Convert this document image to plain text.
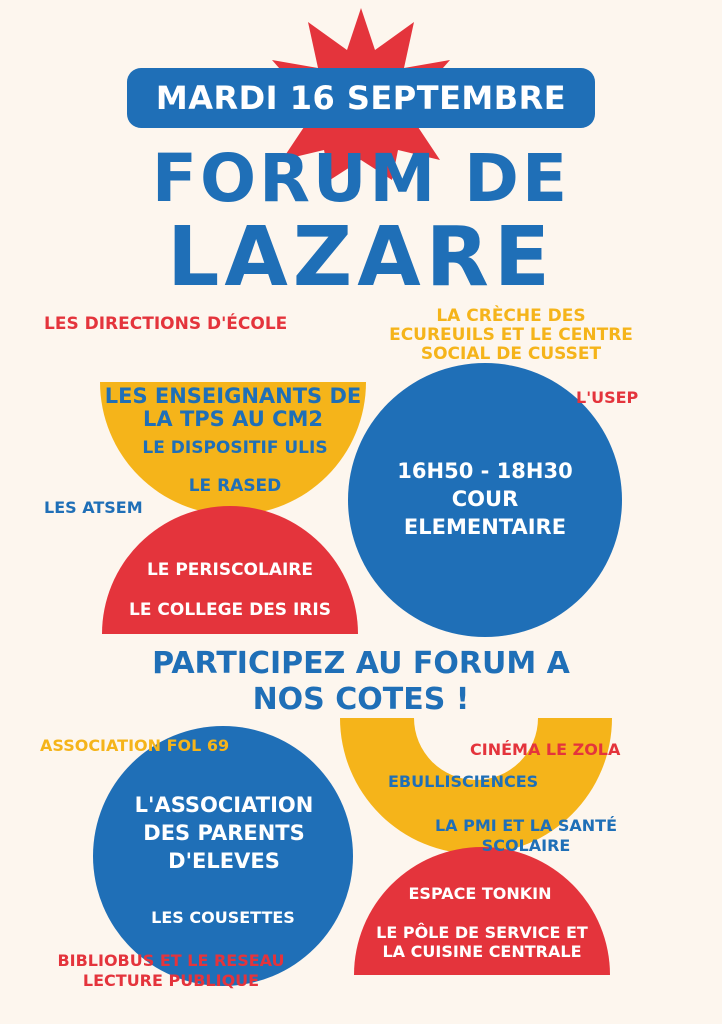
MARDI 16 SEPTEMBRE

FORUM DE
LAZARE

LES DIRECTIONS D'ÉCOLE	LA CRÈCHE DES

ECUREUILS ET LE CENTRE

SOCIAL DE CUSSET

LES ENSEIGNANTS DE

LA TPS AU CM2

L'USEP

LE DISPOSITIF ULIS

LE RASED

LES ATSEM

16H50 - 18H30

COUR

ELEMENTAIRE

LE PERISCOLAIRE

LE COLLEGE DES IRIS

PARTICIPEZ AU FORUM A

NOS COTES !

ASSOCIATION FOL 69	CINÉMA LE ZOLA

EBULLISCIENCES

L'ASSOCIATION

DES PARENTS

D'ELEVES

LA PMI ET LA SANTÉ

SCOLAIRE

ESPACE TONKIN

LES COUSETTES

LE PÔLE DE SERVICE ET

LA CUISINE CENTRALE

BIBLIOBUS ET LE RESEAU

LECTURE PUBLIQUE
